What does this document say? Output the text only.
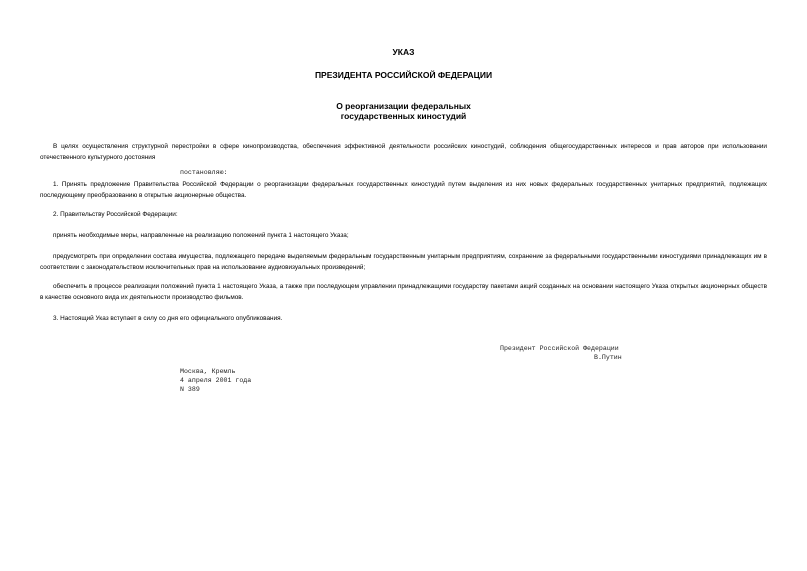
УКАЗ
ПРЕЗИДЕНТА РОССИЙСКОЙ ФЕДЕРАЦИИ
О реорганизации федеральных
государственных киностудий
В целях осуществления структурной перестройки в сфере кинопроизводства, обеспечения эффективной деятельности российских киностудий, соблюдения общегосударственных интересов и прав авторов при использовании отечественного культурного достояния
постановляю:
1. Принять предложение Правительства Российской Федерации о реорганизации федеральных государственных киностудий путем выделения из них новых федеральных государственных унитарных предприятий, подлежащих последующему преобразованию в открытые акционерные общества.
2. Правительству Российской Федерации:
принять необходимые меры, направленные на реализацию положений пункта 1 настоящего Указа;
предусмотреть при определении состава имущества, подлежащего передаче выделяемым федеральным государственным унитарным предприятиям, сохранение за федеральными государственными киностудиями принадлежащих им в соответствии с законодательством исключительных прав на использование аудиовизуальных произведений;
обеспечить в процессе реализации положений пункта 1 настоящего Указа, а также при последующем управлении принадлежащими государству пакетами акций созданных на основании настоящего Указа открытых акционерных обществ в качестве основного вида их деятельности производство фильмов.
3. Настоящий Указ вступает в силу со дня его официального опубликования.
Президент Российской Федерации
В.Путин
Москва, Кремль
4 апреля 2001 года
N 389
